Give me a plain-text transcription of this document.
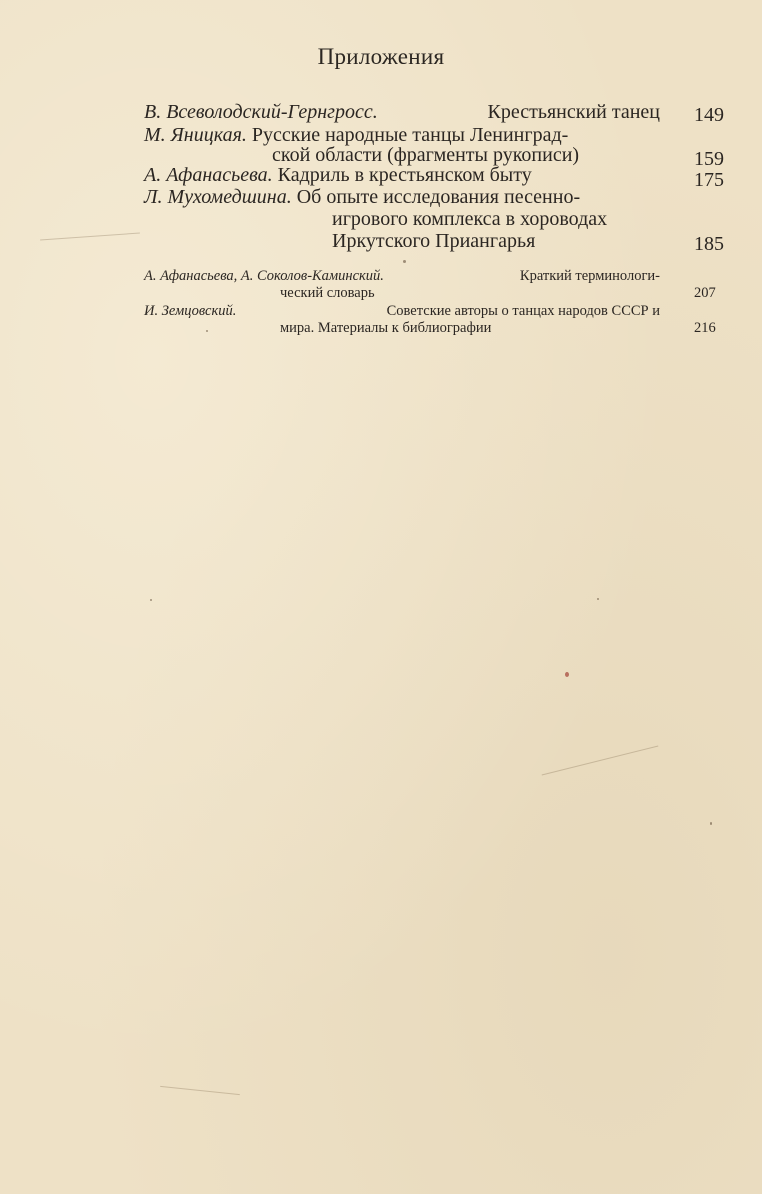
Приложения
В. Всеволодский-Гернгросс.	Крестьянский танец 149
М. Яницкая. Русские народные танцы Ленинград-
ской области (фрагменты рукописи)	159
А. Афанасьева. Кадриль в крестьянском быту	175
Л. Мухомедшина. Об опыте исследования песенно-
игрового комплекса в хороводах
Иркутского Приангарья	185
А. Афанасьева, А. Соколов-Каминский.	Краткий терминологи-
ческий словарь	207
И. Земцовский.	Советские авторы о танцах народов СССР и
мира. Материалы к библиографии	216
